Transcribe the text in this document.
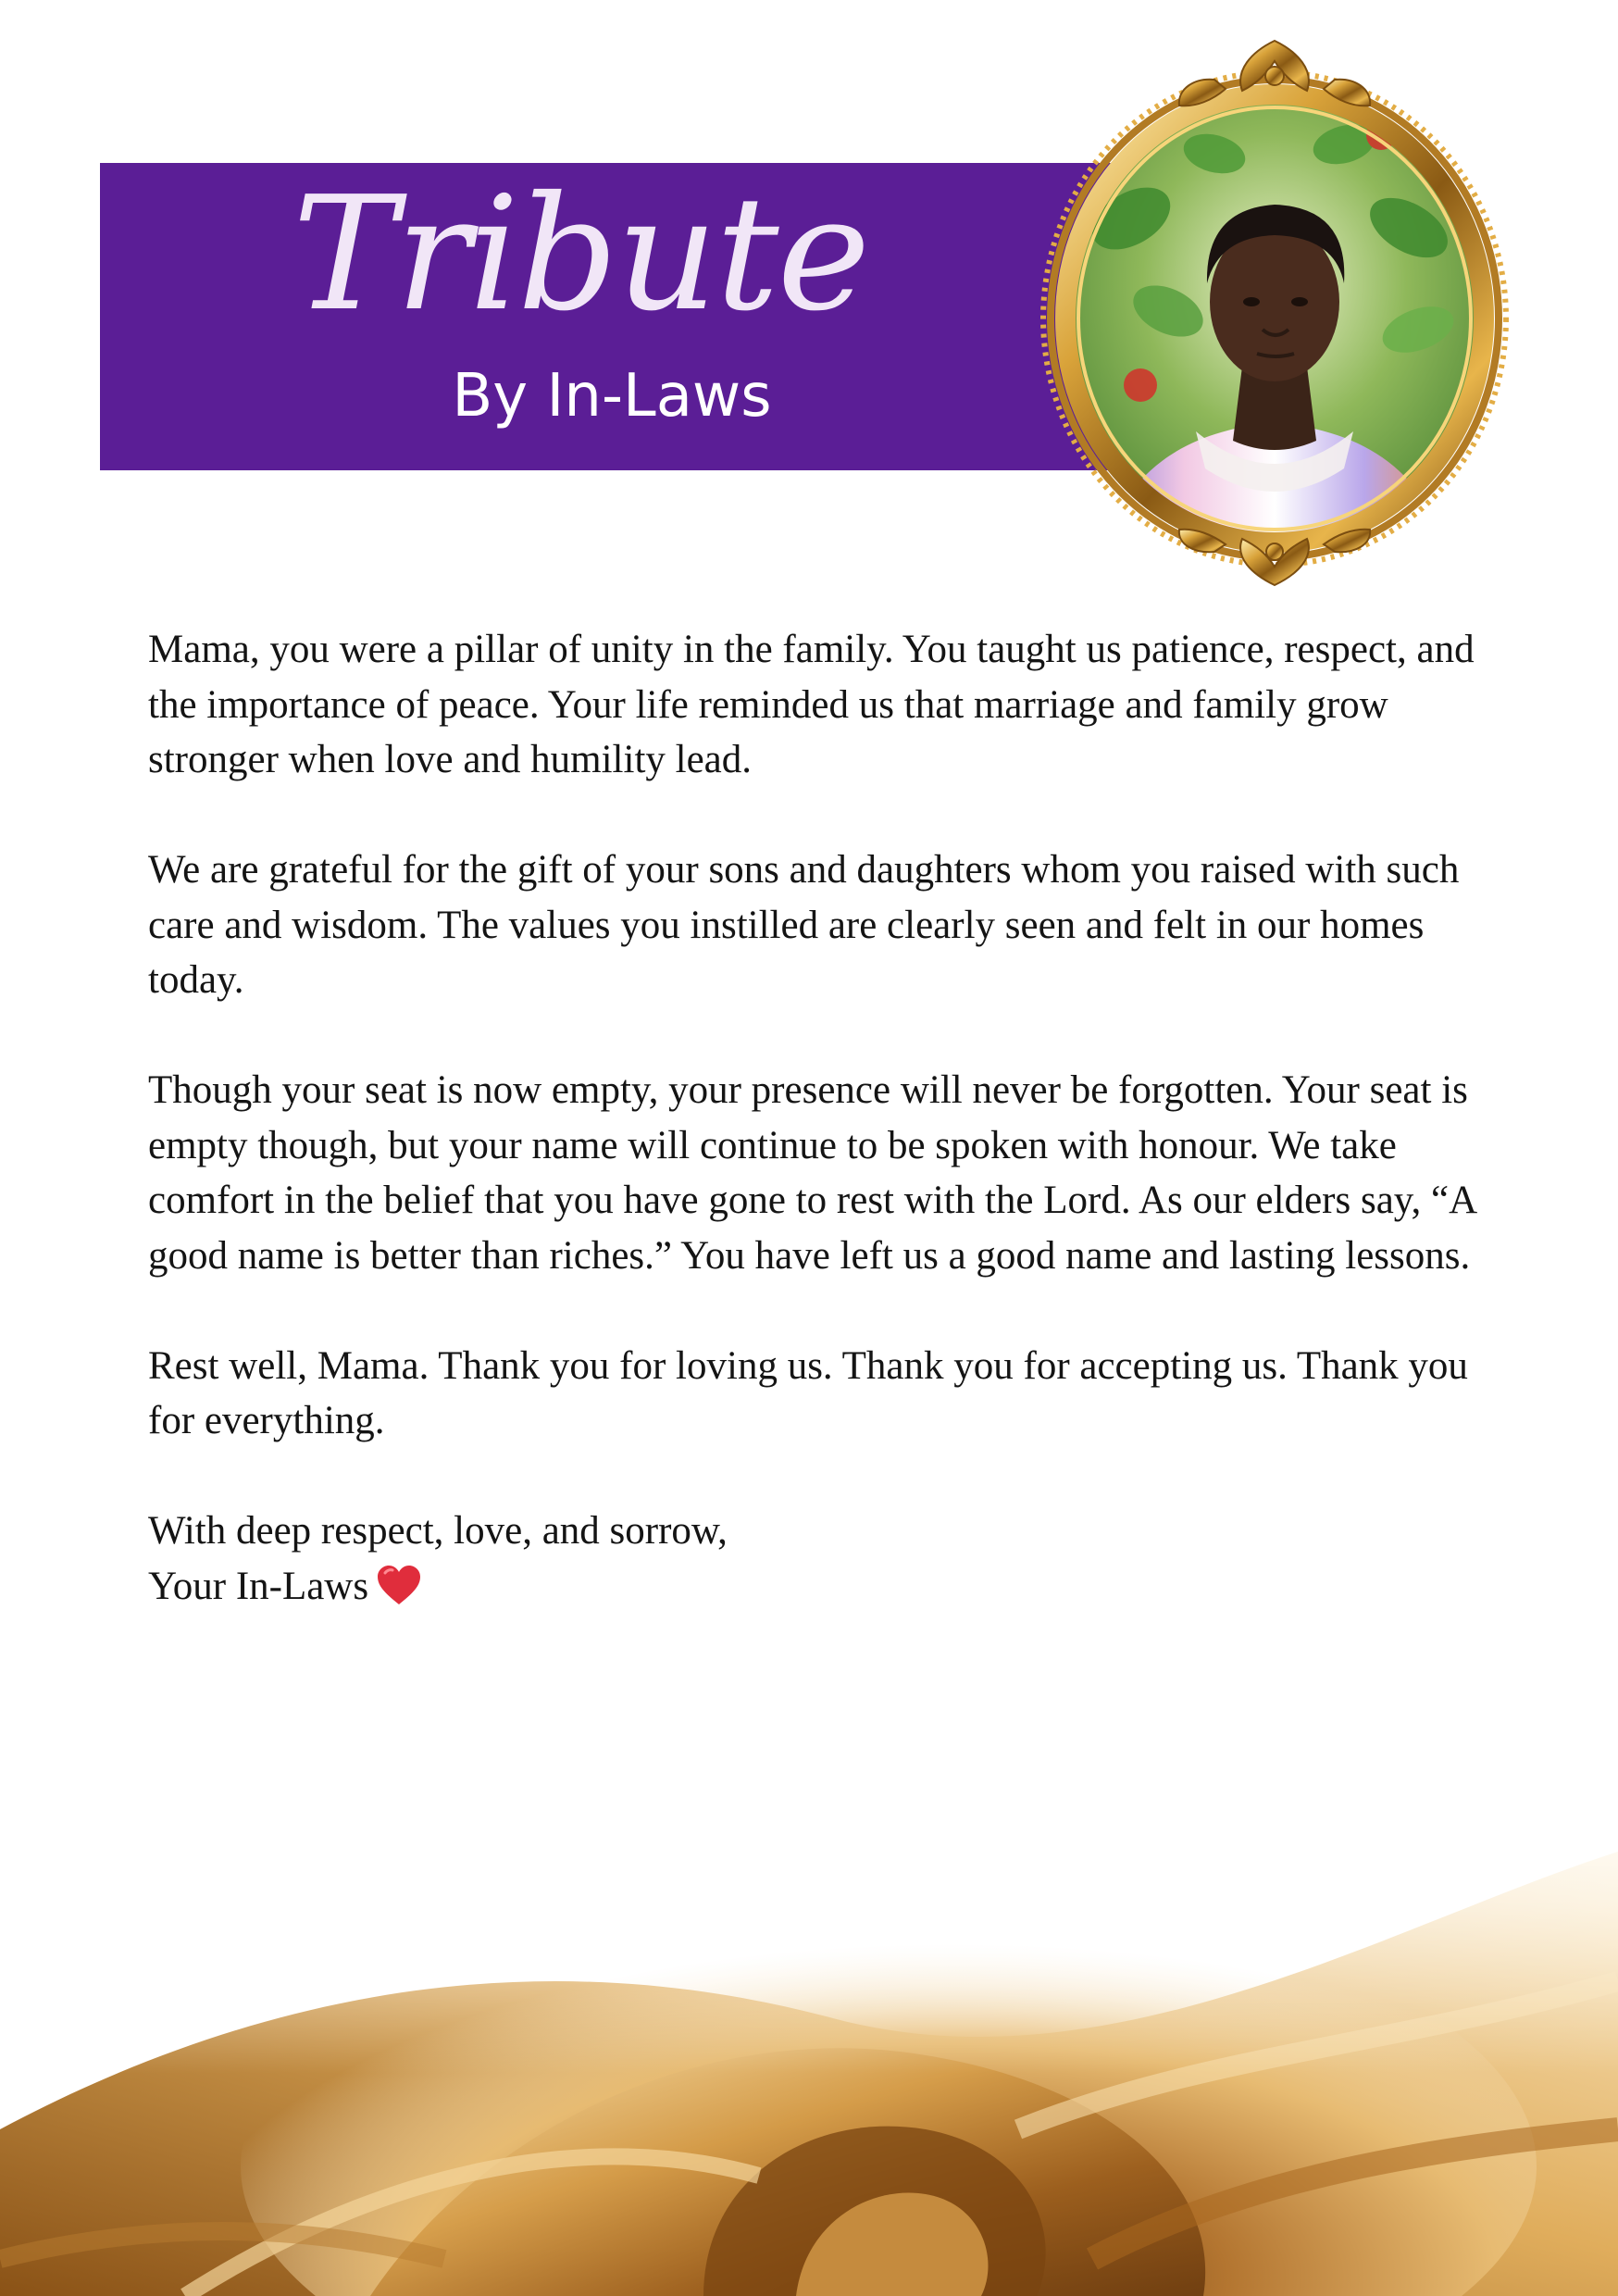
Tribute
By In-Laws

Mama, you were a pillar of unity in the family. You taught us patience, respect, and the importance of peace. Your life reminded us that marriage and family grow stronger when love and humility lead.

We are grateful for the gift of your sons and daughters whom you raised with such care and wisdom. The values you instilled are clearly seen and felt in our homes today.

Though your seat is now empty, your presence will never be forgotten. Your seat is empty though, but your name will continue to be spoken with honour. We take comfort in the belief that you have gone to rest with the Lord. As our elders say, “A good name is better than riches.” You have left us a good name and lasting lessons.

Rest well, Mama. Thank you for loving us. Thank you for accepting us. Thank you for everything.

With deep respect, love, and sorrow,
Your In-Laws
